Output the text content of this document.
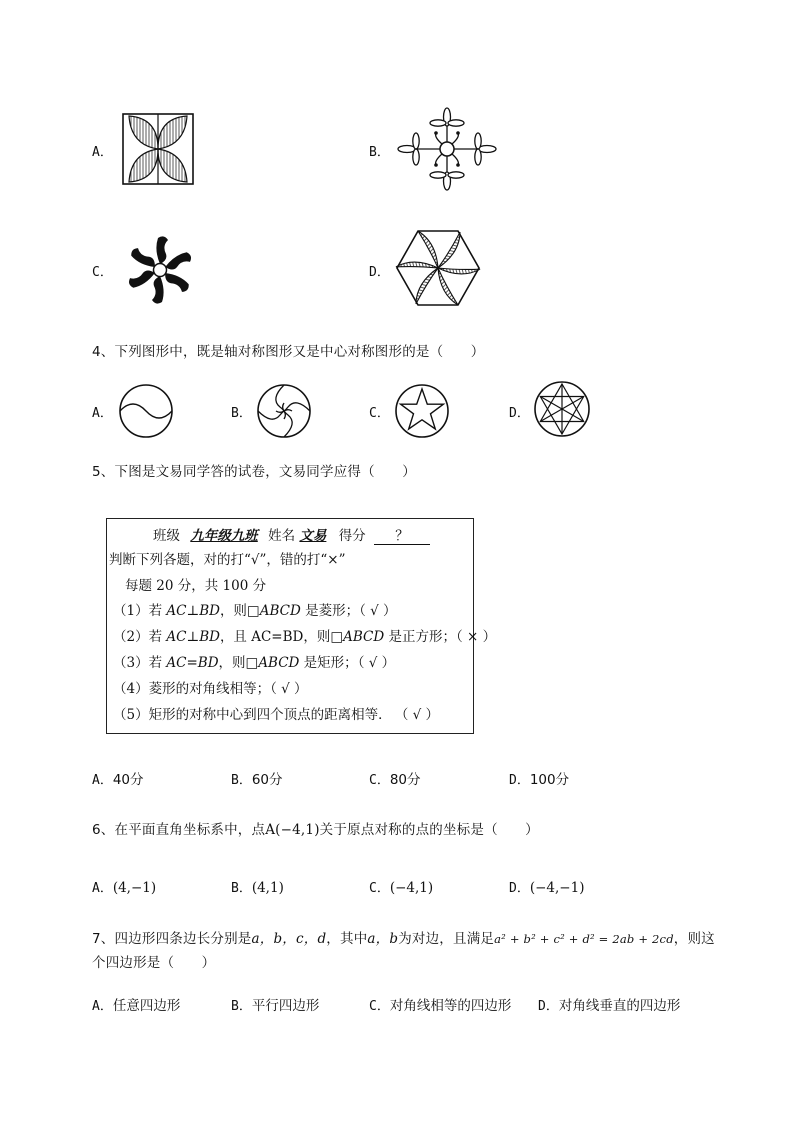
A．	B．
C．	D．
4、下列图形中，既是轴对称图形又是中心对称图形的是（　　）
A．	B．	C．	D．
5、下图是文易同学答的试卷，文易同学应得（　　）
班级 九年级九班 姓名 文易 得分 ？
判断下列各题，对的打“√”，错的打“×”
每题 20 分，共 100 分
（1）若 AC⊥BD，则□ABCD 是菱形；（ √ ）
（2）若 AC⊥BD，且 AC=BD，则□ABCD 是正方形；（ × ）
（3）若 AC=BD，则□ABCD 是矩形；（ √ ）
（4）菱形的对角线相等；（ √ ）
（5）矩形的对称中心到四个顶点的距离相等． （ √ ）
A．40分	B．60分	C．80分	D．100分
6、在平面直角坐标系中，点A(−4,1)关于原点对称的点的坐标是（　　）
A．(4,−1)	B．(4,1)	C．(−4,1)	D．(−4,−1)
7、四边形四条边长分别是a，b，c，d，其中a，b为对边，且满足a² + b² + c² + d² = 2ab + 2cd，则这
个四边形是（　　）
A．任意四边形	B．平行四边形	C．对角线相等的四边形 D．对角线垂直的四边形
